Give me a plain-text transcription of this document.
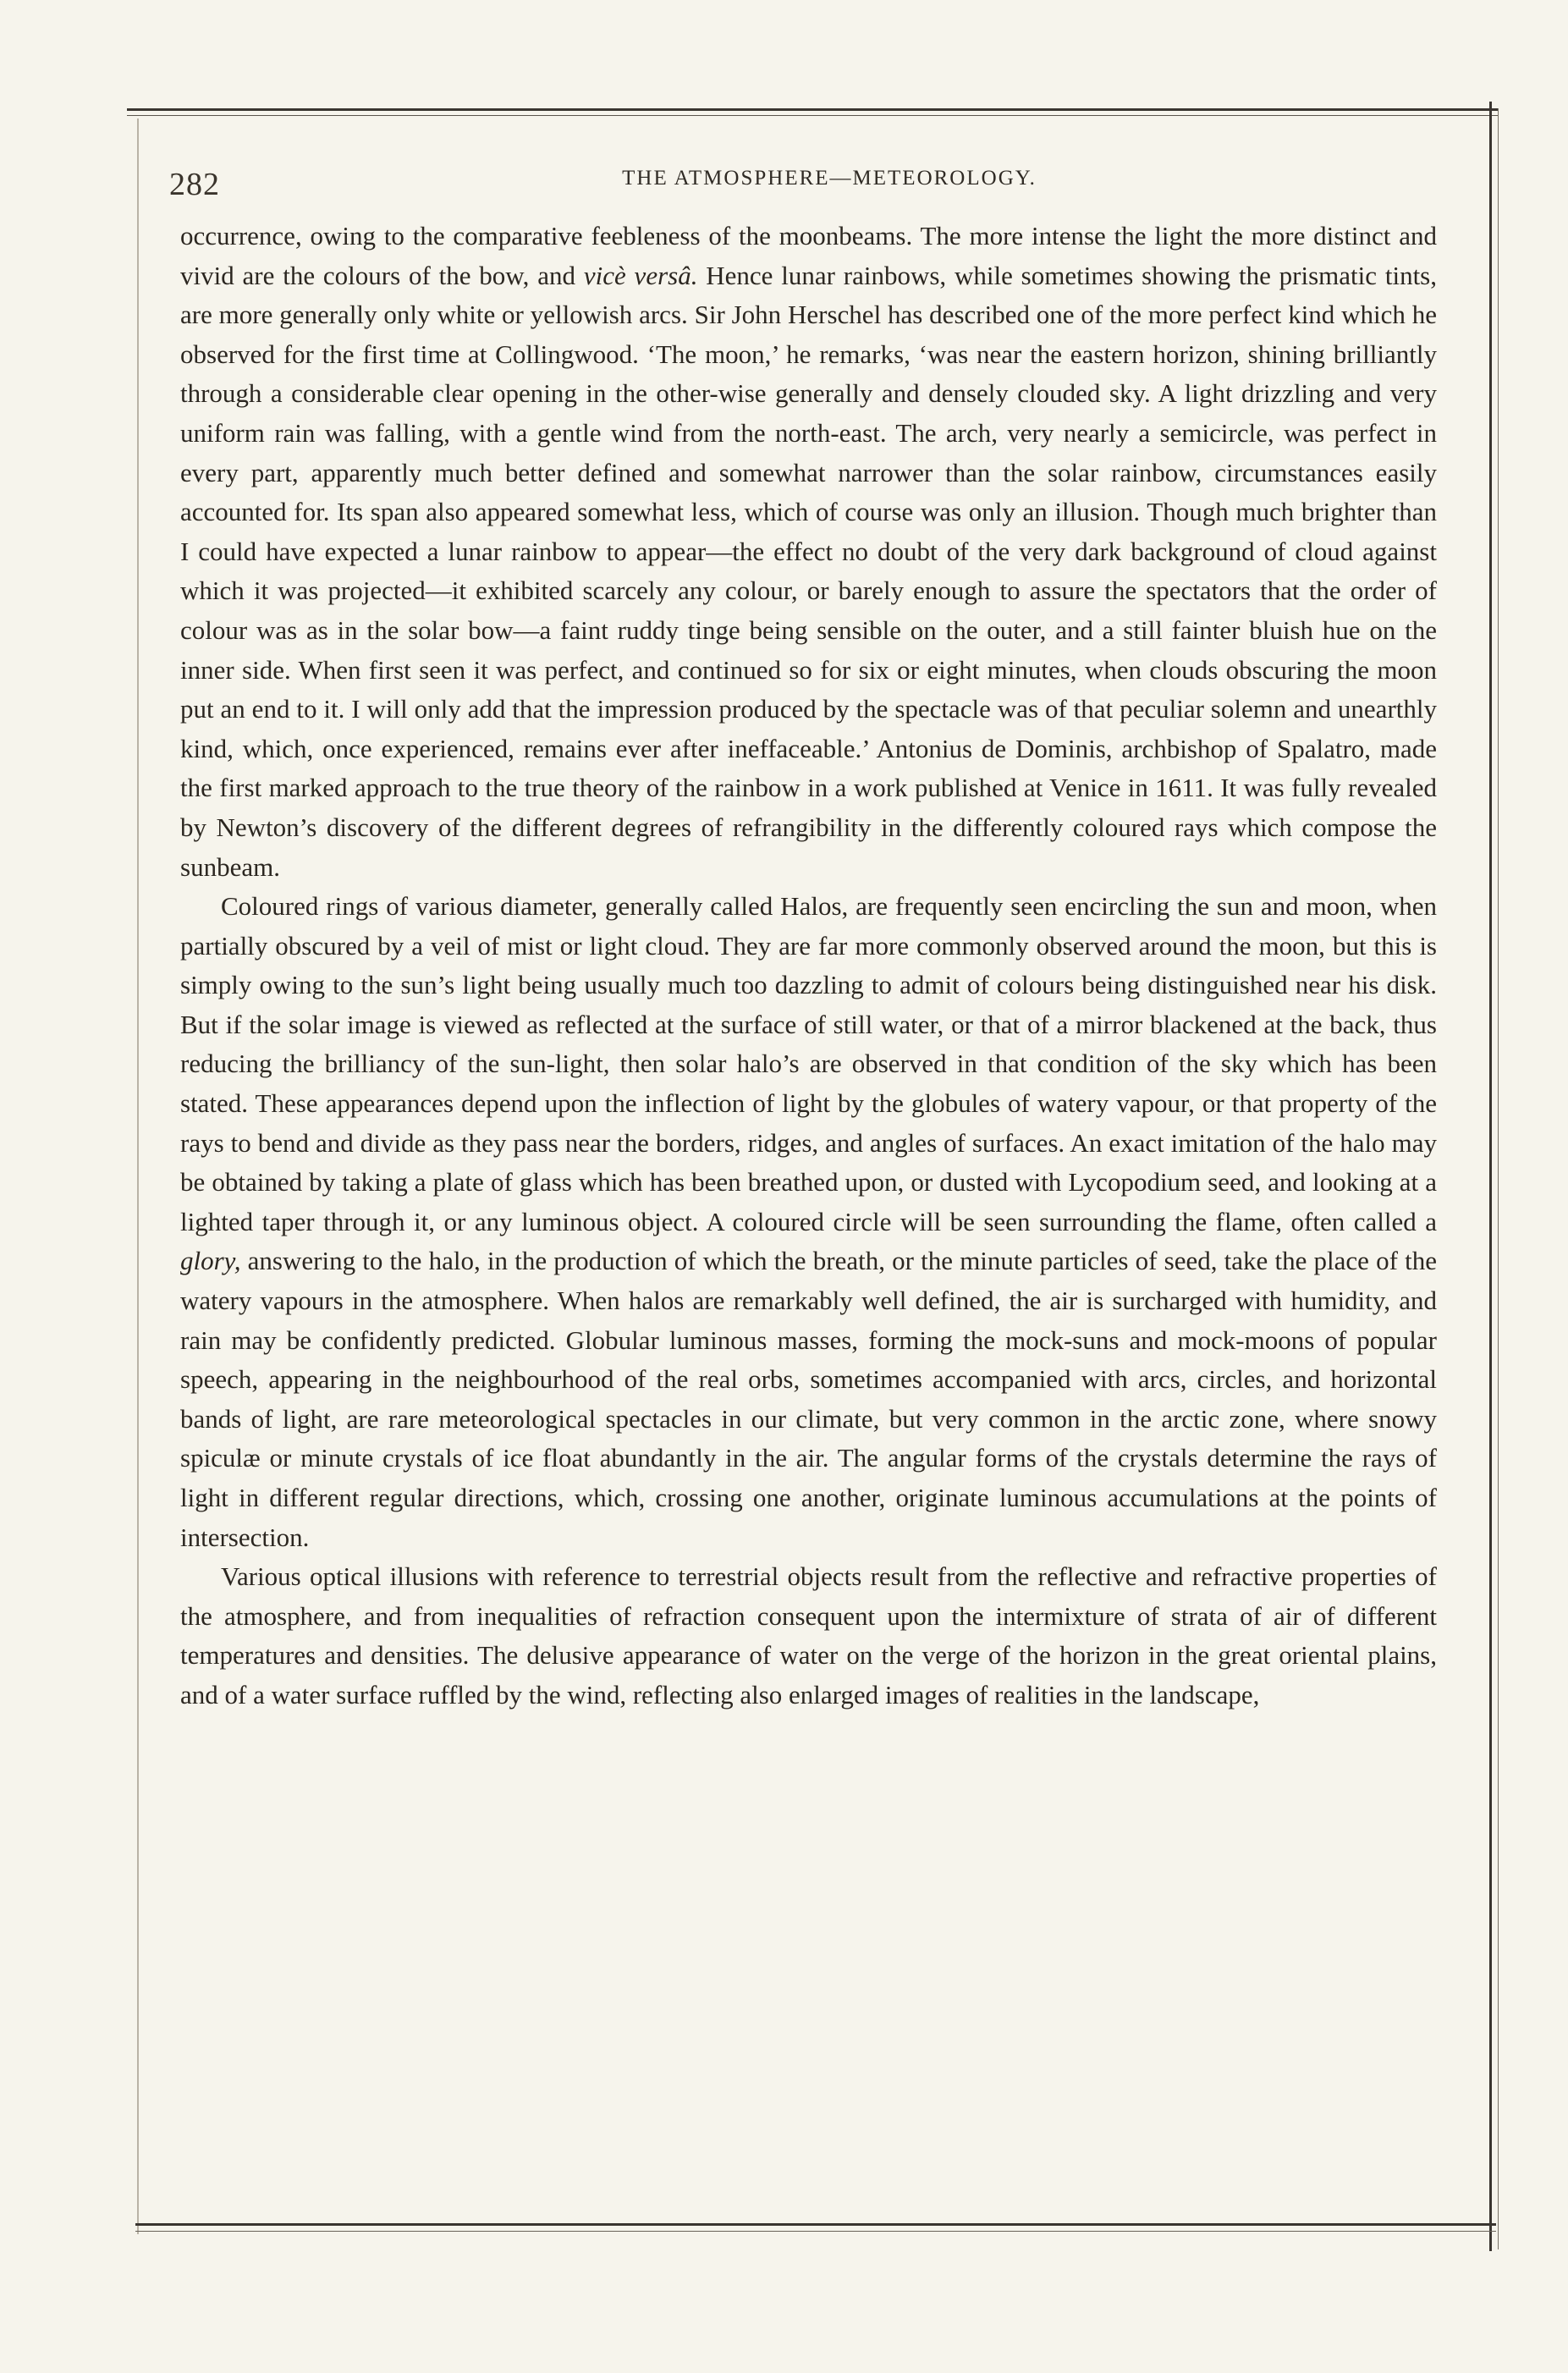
282	THE ATMOSPHERE—METEOROLOGY.

occurrence, owing to the comparative feebleness of the moonbeams. The more intense the light the more distinct and vivid are the colours of the bow, and vicè versâ. Hence lunar rainbows, while sometimes showing the prismatic tints, are more generally only white or yellowish arcs. Sir John Herschel has described one of the more perfect kind which he observed for the first time at Collingwood. ‘The moon,’ he remarks, ‘was near the eastern horizon, shining brilliantly through a considerable clear opening in the other-wise generally and densely clouded sky. A light drizzling and very uniform rain was falling, with a gentle wind from the north-east. The arch, very nearly a semicircle, was perfect in every part, apparently much better defined and somewhat narrower than the solar rainbow, circumstances easily accounted for. Its span also appeared somewhat less, which of course was only an illusion. Though much brighter than I could have expected a lunar rainbow to appear—the effect no doubt of the very dark background of cloud against which it was projected—it exhibited scarcely any colour, or barely enough to assure the spectators that the order of colour was as in the solar bow—a faint ruddy tinge being sensible on the outer, and a still fainter bluish hue on the inner side. When first seen it was perfect, and continued so for six or eight minutes, when clouds obscuring the moon put an end to it. I will only add that the impression produced by the spectacle was of that peculiar solemn and unearthly kind, which, once experienced, remains ever after ineffaceable.’ Antonius de Dominis, archbishop of Spalatro, made the first marked approach to the true theory of the rainbow in a work published at Venice in 1611. It was fully revealed by Newton’s discovery of the different degrees of refrangibility in the differently coloured rays which compose the sunbeam.

Coloured rings of various diameter, generally called Halos, are frequently seen encircling the sun and moon, when partially obscured by a veil of mist or light cloud. They are far more commonly observed around the moon, but this is simply owing to the sun’s light being usually much too dazzling to admit of colours being distinguished near his disk. But if the solar image is viewed as reflected at the surface of still water, or that of a mirror blackened at the back, thus reducing the brilliancy of the sun-light, then solar halo’s are observed in that condition of the sky which has been stated. These appearances depend upon the inflection of light by the globules of watery vapour, or that property of the rays to bend and divide as they pass near the borders, ridges, and angles of surfaces. An exact imitation of the halo may be obtained by taking a plate of glass which has been breathed upon, or dusted with Lycopodium seed, and looking at a lighted taper through it, or any luminous object. A coloured circle will be seen surrounding the flame, often called a glory, answering to the halo, in the production of which the breath, or the minute particles of seed, take the place of the watery vapours in the atmosphere. When halos are remarkably well defined, the air is surcharged with humidity, and rain may be confidently predicted. Globular luminous masses, forming the mock-suns and mock-moons of popular speech, appearing in the neighbourhood of the real orbs, sometimes accompanied with arcs, circles, and horizontal bands of light, are rare meteorological spectacles in our climate, but very common in the arctic zone, where snowy spiculæ or minute crystals of ice float abundantly in the air. The angular forms of the crystals determine the rays of light in different regular directions, which, crossing one another, originate luminous accumulations at the points of intersection.

Various optical illusions with reference to terrestrial objects result from the reflective and refractive properties of the atmosphere, and from inequalities of refraction consequent upon the intermixture of strata of air of different temperatures and densities. The delusive appearance of water on the verge of the horizon in the great oriental plains, and of a water surface ruffled by the wind, reflecting also enlarged images of realities in the landscape,
